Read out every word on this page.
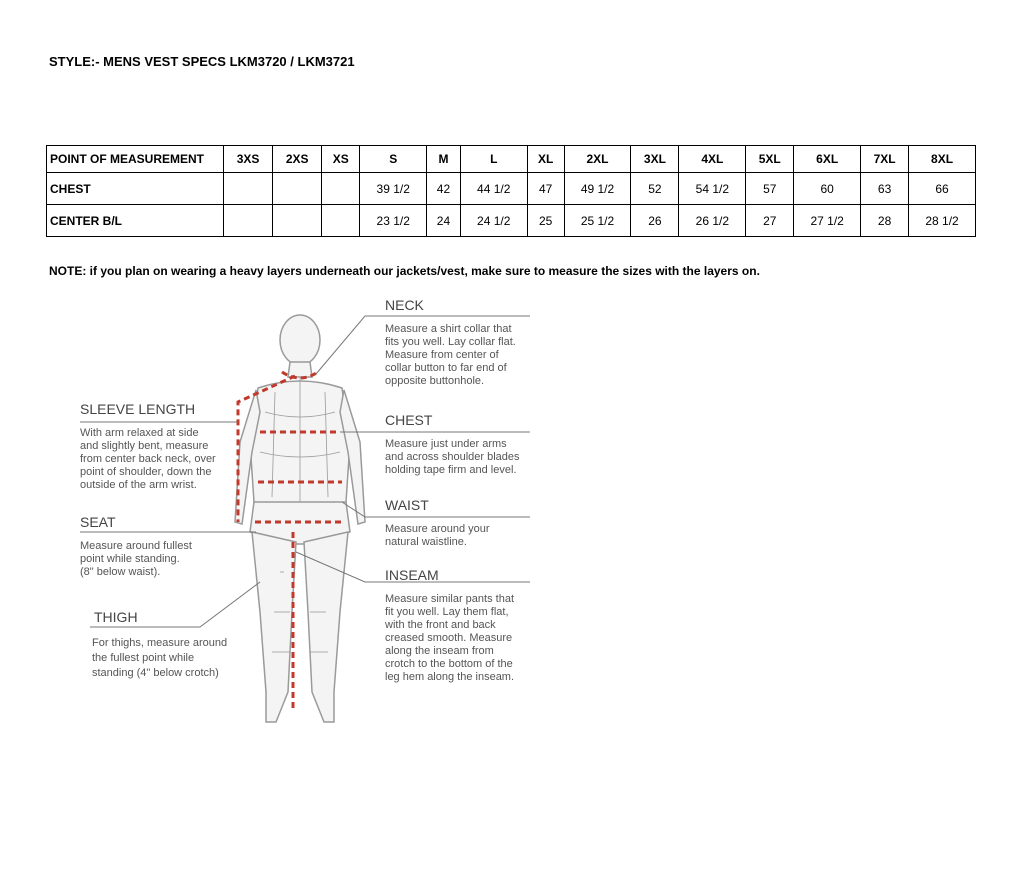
STYLE:- MENS VEST SPECS LKM3720 / LKM3721
POINT OF MEASUREMENT	3XS	2XS	XS	S	M	L	XL	2XL	3XL	4XL	5XL	6XL	7XL	8XL
CHEST				39 1/2	42	44 1/2	47	49 1/2	52	54 1/2	57	60	63	66
CENTER B/L				23 1/2	24	24 1/2	25	25 1/2	26	26 1/2	27	27 1/2	28	28 1/2
NOTE: if you plan on wearing a heavy layers underneath our jackets/vest, make sure to measure the sizes with the layers on.
NECK
Measure a shirt collar that
fits you well. Lay collar flat.
Measure from center of
collar button to far end of
opposite buttonhole.
CHEST
Measure just under arms
and across shoulder blades
holding tape firm and level.
WAIST
Measure around your
natural waistline.
INSEAM
Measure similar pants that
fit you well. Lay them flat,
with the front and back
creased smooth. Measure
along the inseam from
crotch to the bottom of the
leg hem along the inseam.
SLEEVE LENGTH
With arm relaxed at side
and slightly bent, measure
from center back neck, over
point of shoulder, down the
outside of the arm wrist.
SEAT
Measure around fullest
point while standing.
(8" below waist).
THIGH
For thighs, measure around
the fullest point while
standing (4" below crotch)
